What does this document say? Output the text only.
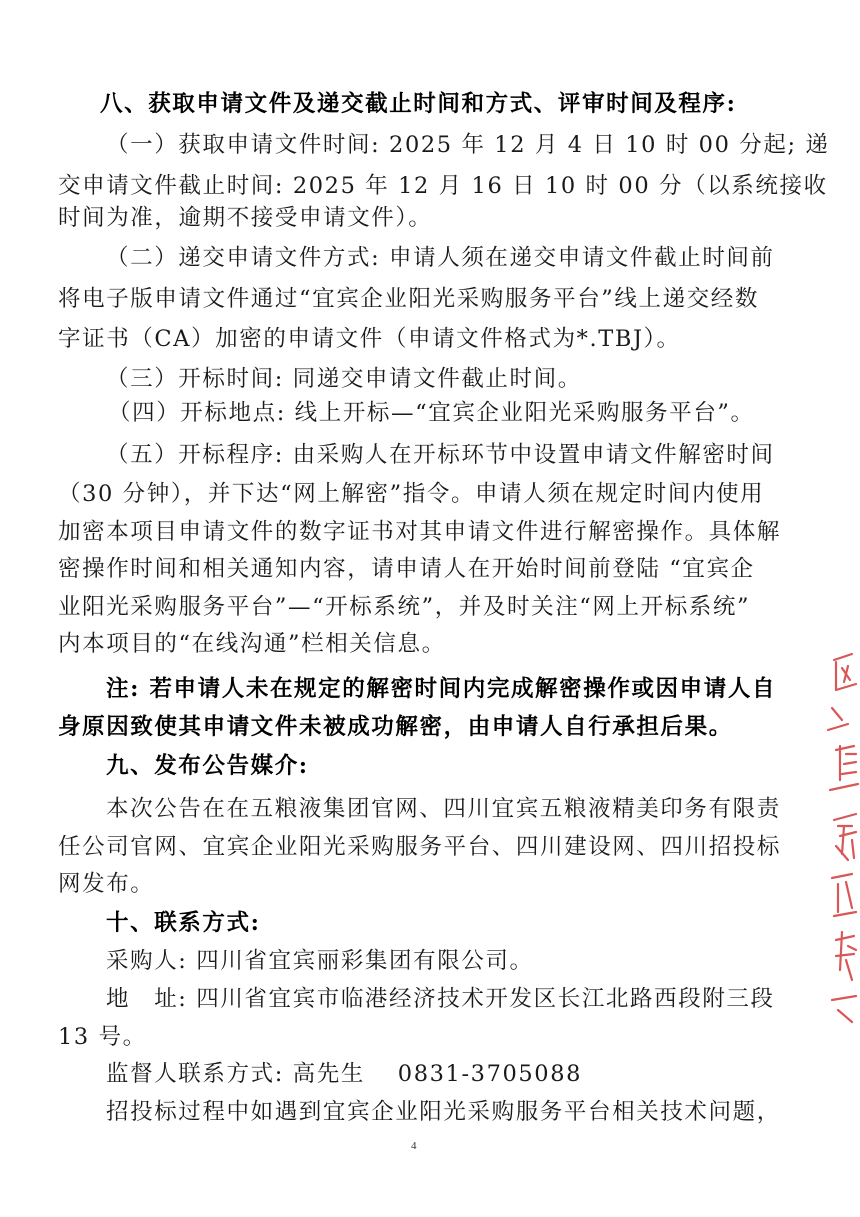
八、获取申请文件及递交截止时间和方式、评审时间及程序:
（一）获取申请文件时间: 2025 年 12 月 4 日 10 时 00 分起; 递
交申请文件截止时间: 2025 年 12 月 16 日 10 时 00 分（以系统接收
时间为准，逾期不接受申请文件）。
（二）递交申请文件方式: 申请人须在递交申请文件截止时间前
将电子版申请文件通过“宜宾企业阳光采购服务平台”线上递交经数
字证书（CA）加密的申请文件（申请文件格式为*.TBJ）。
（三）开标时间: 同递交申请文件截止时间。
（四）开标地点: 线上开标—“宜宾企业阳光采购服务平台”。
（五）开标程序: 由采购人在开标环节中设置申请文件解密时间
（30 分钟），并下达“网上解密”指令。申请人须在规定时间内使用
加密本项目申请文件的数字证书对其申请文件进行解密操作。具体解
密操作时间和相关通知内容，请申请人在开始时间前登陆 “宜宾企
业阳光采购服务平台”—“开标系统”，并及时关注“网上开标系统”
内本项目的“在线沟通”栏相关信息。
注: 若申请人未在规定的解密时间内完成解密操作或因申请人自
身原因致使其申请文件未被成功解密，由申请人自行承担后果。
九、发布公告媒介:
本次公告在在五粮液集团官网、四川宜宾五粮液精美印务有限责
任公司官网、宜宾企业阳光采购服务平台、四川建设网、四川招投标
网发布。
十、联系方式:
采购人: 四川省宜宾丽彩集团有限公司。
地　址: 四川省宜宾市临港经济技术开发区长江北路西段附三段
13 号。
监督人联系方式: 高先生　 0831-3705088
招投标过程中如遇到宜宾企业阳光采购服务平台相关技术问题，
4
